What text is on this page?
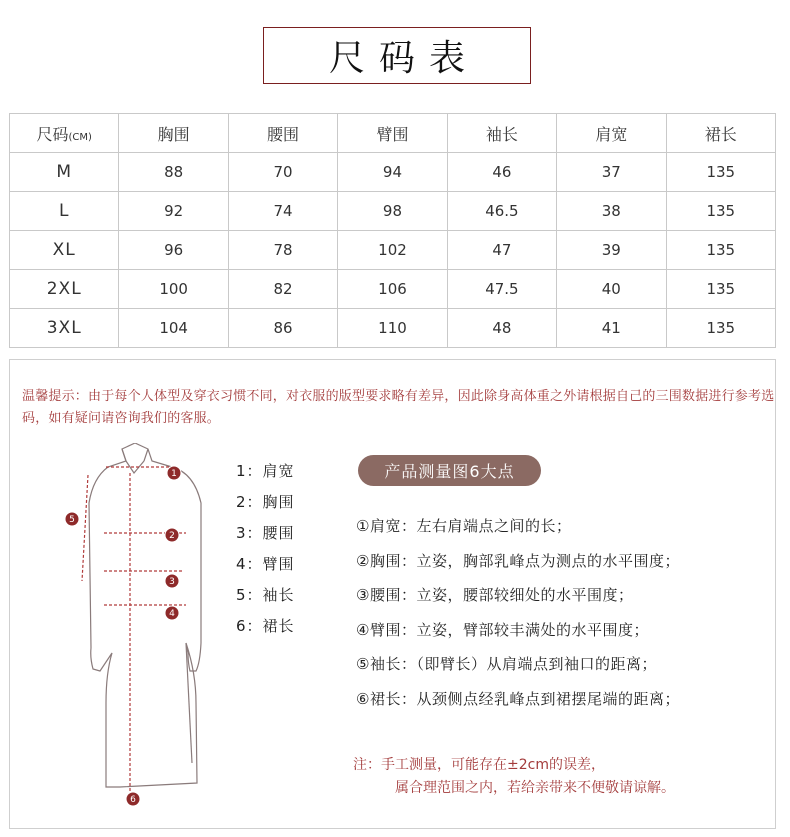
尺码表
尺码(CM)	胸围	腰围	臂围	袖长	肩宽	裙长
M	88	70	94	46	37	135
L	92	74	98	46.5	38	135
XL	96	78	102	47	39	135
2XL	100	82	106	47.5	40	135
3XL	104	86	110	48	41	135
温馨提示：由于每个人体型及穿衣习惯不同，对衣服的版型要求略有差异，因此除身高体重之外请根据自己的三围数据进行参考选码，如有疑问请咨询我们的客服。
1
2
3
4
5
6
1：肩宽
2：胸围
3：腰围
4：臂围
5：袖长
6：裙长
产品测量图6大点
①肩宽：左右肩端点之间的长；
②胸围：立姿，胸部乳峰点为测点的水平围度；
③腰围：立姿，腰部较细处的水平围度；
④臂围：立姿，臂部较丰满处的水平围度；
⑤袖长：（即臂长）从肩端点到袖口的距离；
⑥裙长：从颈侧点经乳峰点到裙摆尾端的距离；
注：手工测量，可能存在±2cm的误差，
属合理范围之内，若给亲带来不便敬请谅解。
